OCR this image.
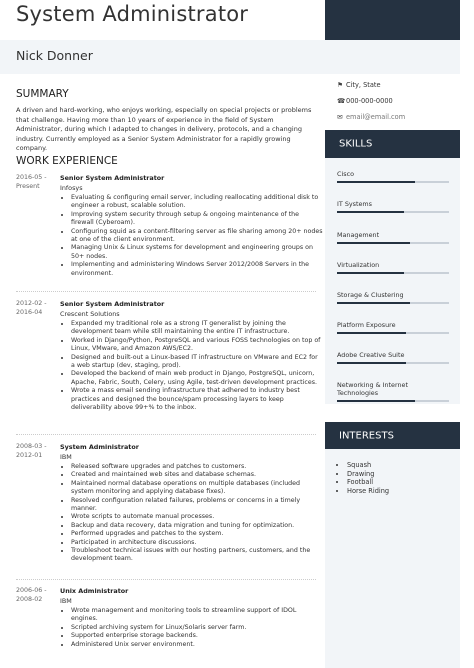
System Administrator
Nick Donner
SUMMARY
A driven and hard-working, who enjoys working, especially on special projects or problems that challenge. Having more than 10 years of experience in the field of System Administrator, during which I adapted to changes in delivery, protocols, and a changing industry. Currently employed as a Senior System Administrator for a rapidly growing company.
WORK EXPERIENCE
2016-05 -
Present
Senior System Administrator
Infosys
• Evaluating & configuring email server, including reallocating additional disk to engineer a robust, scalable solution.
• Improving system security through setup & ongoing maintenance of the firewall (Cyberoam).
• Configuring squid as a content-filtering server as file sharing among 20+ nodes at one of the client environment.
• Managing Unix & Linux systems for development and engineering groups on 50+ nodes.
• Implementing and administering Windows Server 2012/2008 Servers in the environment.
2012-02 -
2016-04
Senior System Administrator
Crescent Solutions
• Expanded my traditional role as a strong IT generalist by joining the development team while still maintaining the entire IT infrastructure.
• Worked in Django/Python, PostgreSQL and various FOSS technologies on top of Linux, VMware, and Amazon AWS/EC2.
• Designed and built-out a Linux-based IT infrastructure on VMware and EC2 for a web startup (dev, staging, prod).
• Developed the backend of main web product in Django, PostgreSQL, unicorn, Apache, Fabric, South, Celery, using Agile, test-driven development practices.
• Wrote a mass email sending infrastructure that adhered to industry best practices and designed the bounce/spam processing layers to keep deliverability above 99+% to the inbox.
2008-03 -
2012-01
System Administrator
IBM
• Released software upgrades and patches to customers.
• Created and maintained web sites and database schemas.
• Maintained normal database operations on multiple databases (included system monitoring and applying database fixes).
• Resolved configuration related failures, problems or concerns in a timely manner.
• Wrote scripts to automate manual processes.
• Backup and data recovery, data migration and tuning for optimization.
• Performed upgrades and patches to the system.
• Participated in architecture discussions.
• Troubleshoot technical issues with our hosting partners, customers, and the development team.
2006-06 -
2008-02
Unix Administrator
IBM
• Wrote management and monitoring tools to streamline support of IDOL engines.
• Scripted archiving system for Linux/Solaris server farm.
• Supported enterprise storage backends.
• Administered Unix server environment.
⚑ City, State
☎000-000-0000
✉ email@email.com
SKILLS
Cisco
IT Systems
Management
Virtualization
Storage & Clustering
Platform Exposure
Adobe Creative Suite
Networking & Internet
Technologies
INTERESTS
• Squash
• Drawing
• Football
• Horse Riding
